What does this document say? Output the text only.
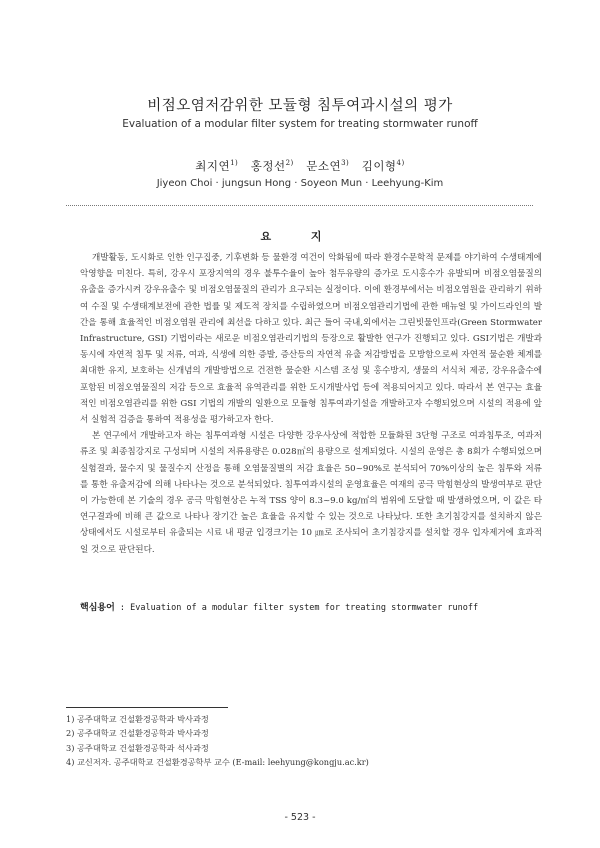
비점오염저감위한 모듈형 침투여과시설의 평가
Evaluation of a modular filter system for treating stormwater runoff
최지연$^{1)}$ 홍정선$^{2)}$ 문소연$^{3)}$ 김이형$^{4)}$
Jiyeon Choi · jungsun Hong · Soyeon Mun · Leehyung-Kim
요 지

개발활동, 도시화로 인한 인구집중, 기후변화 등 물환경 여건이 악화됨에 따라 환경수문학적 문제를 야기하여 수생태계에 악영향을 미친다. 특히, 강우시 포장지역의 경우 불투수율이 높아 첨두유량의 증가로 도시홍수가 유발되며 비점오염물질의 유출을 증가시켜 강우유출수 및 비점오염물질의 관리가 요구되는 실정이다. 이에 환경부에서는 비점오염원을 관리하기 위하여 수질 및 수생태계보전에 관한 법률 및 제도적 장치를 수립하였으며 비점오염관리기법에 관한 매뉴얼 및 가이드라인의 발간을 통해 효율적인 비점오염원 관리에 최선을 다하고 있다. 최근 들어 국내,외에서는 그린빗물인프라(Green Stormwater Infrastructure, GSI) 기법이라는 새로운 비점오염관리기법의 등장으로 활발한 연구가 진행되고 있다. GSI기법은 개발과 동시에 자연적 침투 및 저류, 여과, 식생에 의한 증발, 증산등의 자연적 유출 저감방법을 모방함으로써 자연적 물순환 체계를 최대한 유지, 보호하는 신개념의 개발방법으로 건전한 물순환 시스템 조성 및 홍수방지, 생물의 서식처 제공, 강우유출수에 포함된 비점오염물질의 저감 등으로 효율적 유역관리를 위한 도시개발사업 등에 적용되어지고 있다. 따라서 본 연구는 효율적인 비점오염관리를 위한 GSI 기법의 개발의 일환으로 모듈형 침투여과기설을 개발하고자 수행되었으며 시설의 적용에 앞서 실험적 검증을 통하여 적용성을 평가하고자 한다.

본 연구에서 개발하고자 하는 침투여과형 시설은 다양한 강우사상에 적합한 모듈화된 3단형 구조로 여과침투조, 여과저류조 및 최종침강지로 구성되며 시설의 저류용량은 0.028㎥의 용량으로 설계되었다. 시설의 운영은 총 8회가 수행되었으며 실험결과, 물수지 및 물질수지 산정을 통해 오염물질별의 저감 효율은 50~90%로 분석되어 70%이상의 높은 침투와 저류를 통한 유출저감에 의해 나타나는 것으로 분석되었다. 침투여과시설의 운영효율은 여재의 공극 막힘현상의 발생여부로 판단이 가능한데 본 기술의 경우 공극 막힘현상은 누적 TSS 양이 8.3~9.0 kg/㎡의 범위에 도달할 때 발생하였으며, 이 값은 타 연구결과에 비해 큰 값으로 나타나 장기간 높은 효율을 유지할 수 있는 것으로 나타났다. 또한 초기침강지를 설치하지 않은 상태에서도 시설로부터 유출되는 시료 내 평균 입경크기는 10 ㎛로 조사되어 초기침강지를 설치할 경우 입자제거에 효과적일 것으로 판단된다.

핵심용어 : Evaluation of a modular filter system for treating stormwater runoff
1) 공주대학교 건설환경공학과 박사과정
2) 공주대학교 건설환경공학과 박사과정
3) 공주대학교 건설환경공학과 석사과정
4) 교신저자. 공주대학교 건설환경공학부 교수 (E-mail: leehyung@kongju.ac.kr)
- 523 -
